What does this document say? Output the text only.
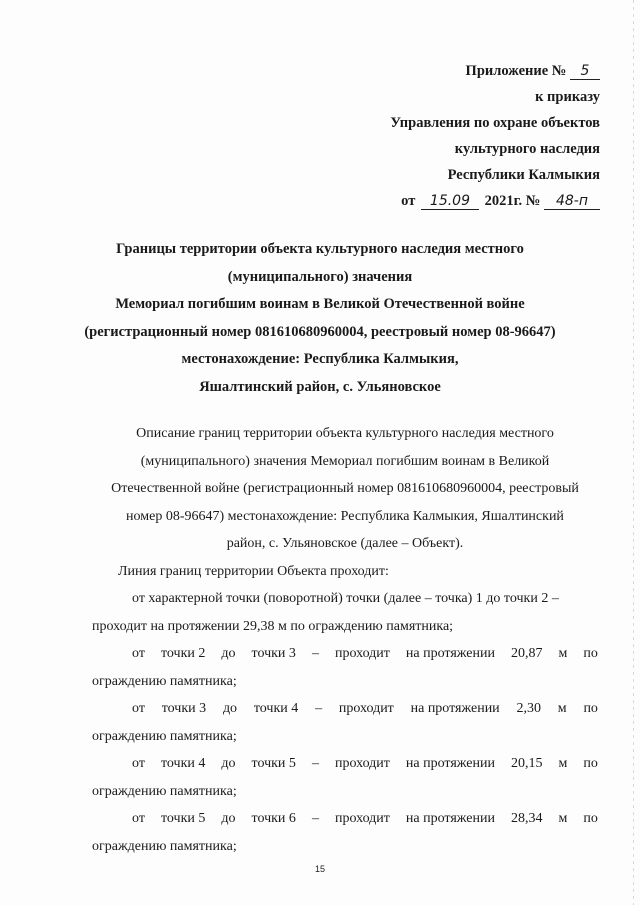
Приложение № 5
к приказу
Управления по охране объектов
культурного наследия
Республики Калмыкия
от 15.09 2021г. № 48-п
Границы территории объекта культурного наследия местного
(муниципального) значения
Мемориал погибшим воинам в Великой Отечественной войне
(регистрационный номер 081610680960004, реестровый номер 08-96647)
местонахождение: Республика Калмыкия,
Яшалтинский район, с. Ульяновское
Описание границ территории объекта культурного наследия местного
(муниципального) значения Мемориал погибшим воинам в Великой
Отечественной войне (регистрационный номер 081610680960004, реестровый
номер 08-96647) местонахождение: Республика Калмыкия, Яшалтинский
район, с. Ульяновское (далее – Объект).
Линия границ территории Объекта проходит:
от характерной точки (поворотной) точки (далее – точка) 1 до точки 2 –
проходит на протяжении 29,38 м по ограждению памятника;
от точки 2 до точки 3 – проходит на протяжении 20,87 м по
ограждению памятника;
от точки 3 до точки 4 – проходит на протяжении 2,30 м по
ограждению памятника;
от точки 4 до точки 5 – проходит на протяжении 20,15 м по
ограждению памятника;
от точки 5 до точки 6 – проходит на протяжении 28,34 м по
ограждению памятника;
15
